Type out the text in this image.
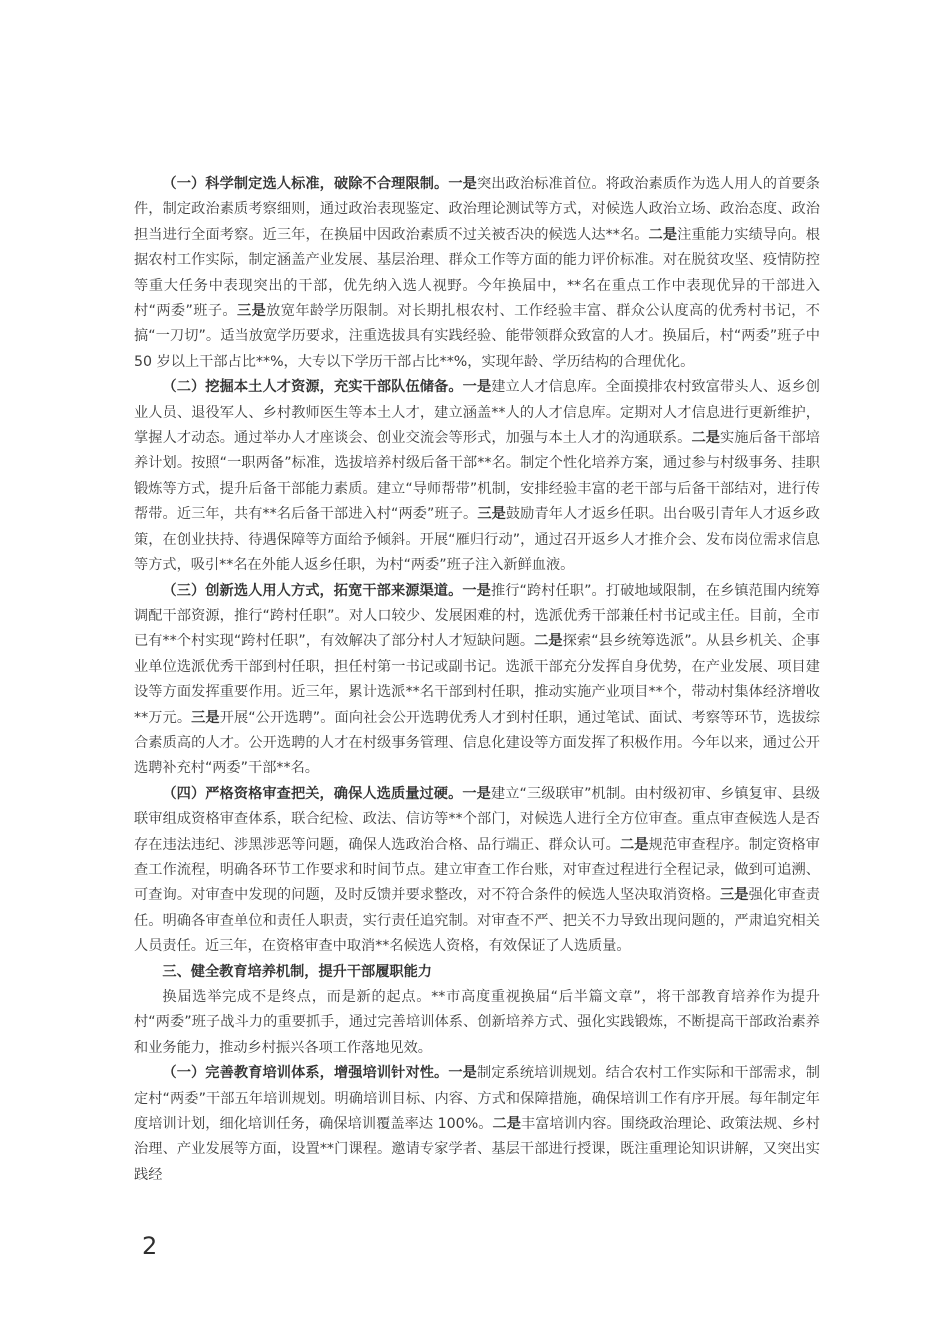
（一）科学制定选人标准，破除不合理限制。一是突出政治标准首位。将政治素质作为选人用人的首要条件，制定政治素质考察细则，通过政治表现鉴定、政治理论测试等方式，对候选人政治立场、政治态度、政治担当进行全面考察。近三年，在换届中因政治素质不过关被否决的候选人达**名。二是注重能力实绩导向。根据农村工作实际，制定涵盖产业发展、基层治理、群众工作等方面的能力评价标准。对在脱贫攻坚、疫情防控等重大任务中表现突出的干部，优先纳入选人视野。今年换届中，**名在重点工作中表现优异的干部进入村“两委”班子。三是放宽年龄学历限制。对长期扎根农村、工作经验丰富、群众公认度高的优秀村书记，不搞“一刀切”。适当放宽学历要求，注重选拔具有实践经验、能带领群众致富的人才。换届后，村“两委”班子中 50 岁以上干部占比**%，大专以下学历干部占比**%，实现年龄、学历结构的合理优化。

（二）挖掘本土人才资源，充实干部队伍储备。一是建立人才信息库。全面摸排农村致富带头人、返乡创业人员、退役军人、乡村教师医生等本土人才，建立涵盖**人的人才信息库。定期对人才信息进行更新维护，掌握人才动态。通过举办人才座谈会、创业交流会等形式，加强与本土人才的沟通联系。二是实施后备干部培养计划。按照“一职两备”标准，选拔培养村级后备干部**名。制定个性化培养方案，通过参与村级事务、挂职锻炼等方式，提升后备干部能力素质。建立“导师帮带”机制，安排经验丰富的老干部与后备干部结对，进行传帮带。近三年，共有**名后备干部进入村“两委”班子。三是鼓励青年人才返乡任职。出台吸引青年人才返乡政策，在创业扶持、待遇保障等方面给予倾斜。开展“雁归行动”，通过召开返乡人才推介会、发布岗位需求信息等方式，吸引**名在外能人返乡任职，为村“两委”班子注入新鲜血液。

（三）创新选人用人方式，拓宽干部来源渠道。一是推行“跨村任职”。打破地域限制，在乡镇范围内统筹调配干部资源，推行“跨村任职”。对人口较少、发展困难的村，选派优秀干部兼任村书记或主任。目前，全市已有**个村实现“跨村任职”，有效解决了部分村人才短缺问题。二是探索“县乡统筹选派”。从县乡机关、企事业单位选派优秀干部到村任职，担任村第一书记或副书记。选派干部充分发挥自身优势，在产业发展、项目建设等方面发挥重要作用。近三年，累计选派**名干部到村任职，推动实施产业项目**个，带动村集体经济增收**万元。三是开展“公开选聘”。面向社会公开选聘优秀人才到村任职，通过笔试、面试、考察等环节，选拔综合素质高的人才。公开选聘的人才在村级事务管理、信息化建设等方面发挥了积极作用。今年以来，通过公开选聘补充村“两委”干部**名。

（四）严格资格审查把关，确保人选质量过硬。一是建立“三级联审”机制。由村级初审、乡镇复审、县级联审组成资格审查体系，联合纪检、政法、信访等**个部门，对候选人进行全方位审查。重点审查候选人是否存在违法违纪、涉黑涉恶等问题，确保人选政治合格、品行端正、群众认可。二是规范审查程序。制定资格审查工作流程，明确各环节工作要求和时间节点。建立审查工作台账，对审查过程进行全程记录，做到可追溯、可查询。对审查中发现的问题，及时反馈并要求整改，对不符合条件的候选人坚决取消资格。三是强化审查责任。明确各审查单位和责任人职责，实行责任追究制。对审查不严、把关不力导致出现问题的，严肃追究相关人员责任。近三年，在资格审查中取消**名候选人资格，有效保证了人选质量。

三、健全教育培养机制，提升干部履职能力

换届选举完成不是终点，而是新的起点。**市高度重视换届“后半篇文章”，将干部教育培养作为提升村“两委”班子战斗力的重要抓手，通过完善培训体系、创新培养方式、强化实践锻炼，不断提高干部政治素养和业务能力，推动乡村振兴各项工作落地见效。

（一）完善教育培训体系，增强培训针对性。一是制定系统培训规划。结合农村工作实际和干部需求，制定村“两委”干部五年培训规划。明确培训目标、内容、方式和保障措施，确保培训工作有序开展。每年制定年度培训计划，细化培训任务，确保培训覆盖率达 100%。二是丰富培训内容。围绕政治理论、政策法规、乡村治理、产业发展等方面，设置**门课程。邀请专家学者、基层干部进行授课，既注重理论知识讲解，又突出实践经

2
